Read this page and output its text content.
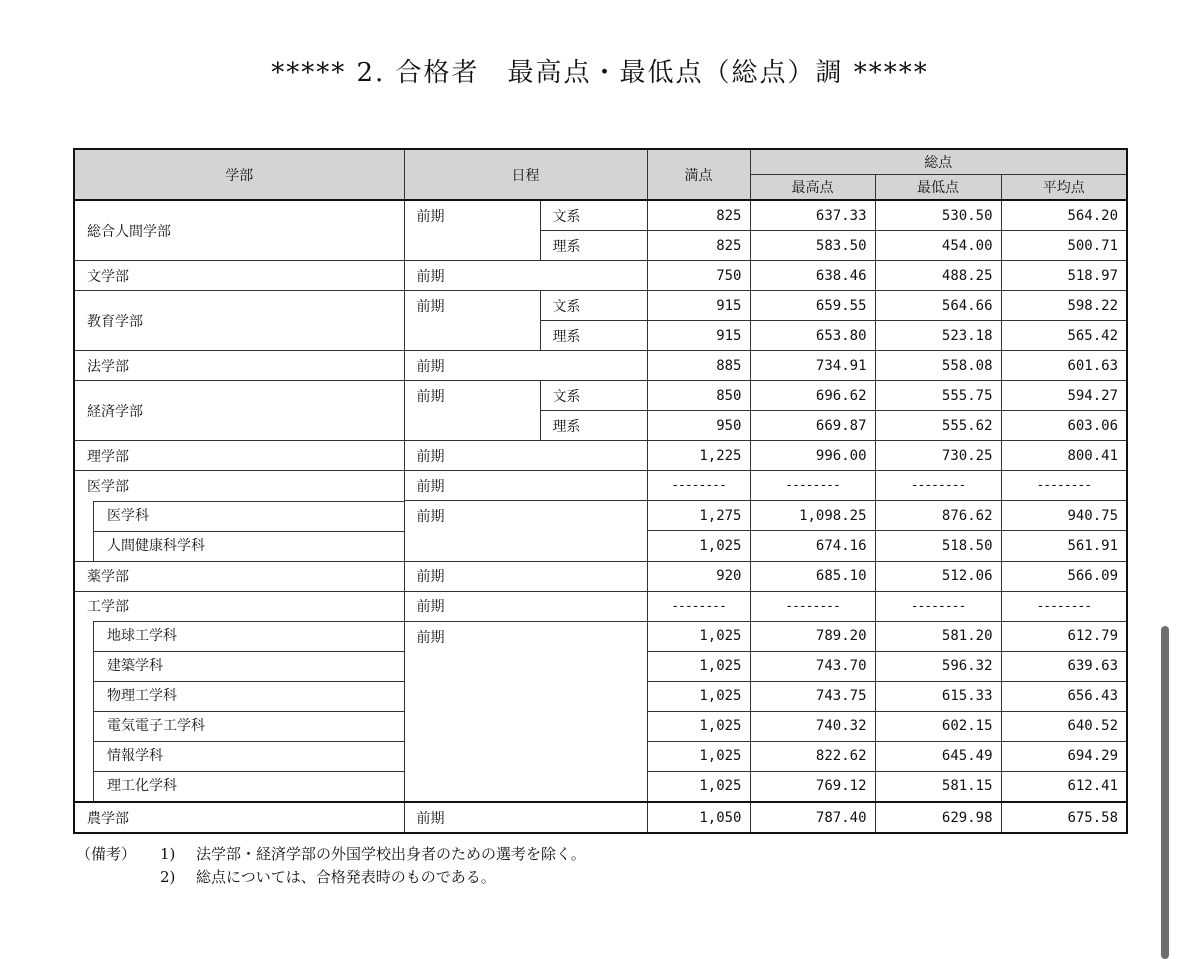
***** 2. 合格者　最高点・最低点（総点）調 *****
学部	日程		満点	総点		
				最高点	最低点	平均点
総合人間学部	前期	文系	825	637.33	530.50	564.20
		理系	825	583.50	454.00	500.71
文学部	前期		750	638.46	488.25	518.97
教育学部	前期	文系	915	659.55	564.66	598.22
		理系	915	653.80	523.18	565.42
法学部	前期		885	734.91	558.08	601.63
経済学部	前期	文系	850	696.62	555.75	594.27
		理系	950	669.87	555.62	603.06
理学部	前期		1,225	996.00	730.25	800.41
医学部	前期		--------	--------	--------	--------

医学科	前期		1,275	1,098.25	876.62	940.75

人間健康科学科			1,025	674.16	518.50	561.91
薬学部	前期		920	685.10	512.06	566.09
工学部	前期		--------	--------	--------	--------

地球工学科	前期		1,025	789.20	581.20	612.79

建築学科			1,025	743.70	596.32	639.63

物理工学科			1,025	743.75	615.33	656.43

電気電子工学科			1,025	740.32	602.15	640.52

情報学科			1,025	822.62	645.49	694.29

理工化学科			1,025	769.12	581.15	612.41
農学部	前期		1,050	787.40	629.98	675.58
（備考）	1)	法学部・経済学部の外国学校出身者のための選考を除く。
2)	総点については、合格発表時のものである。
